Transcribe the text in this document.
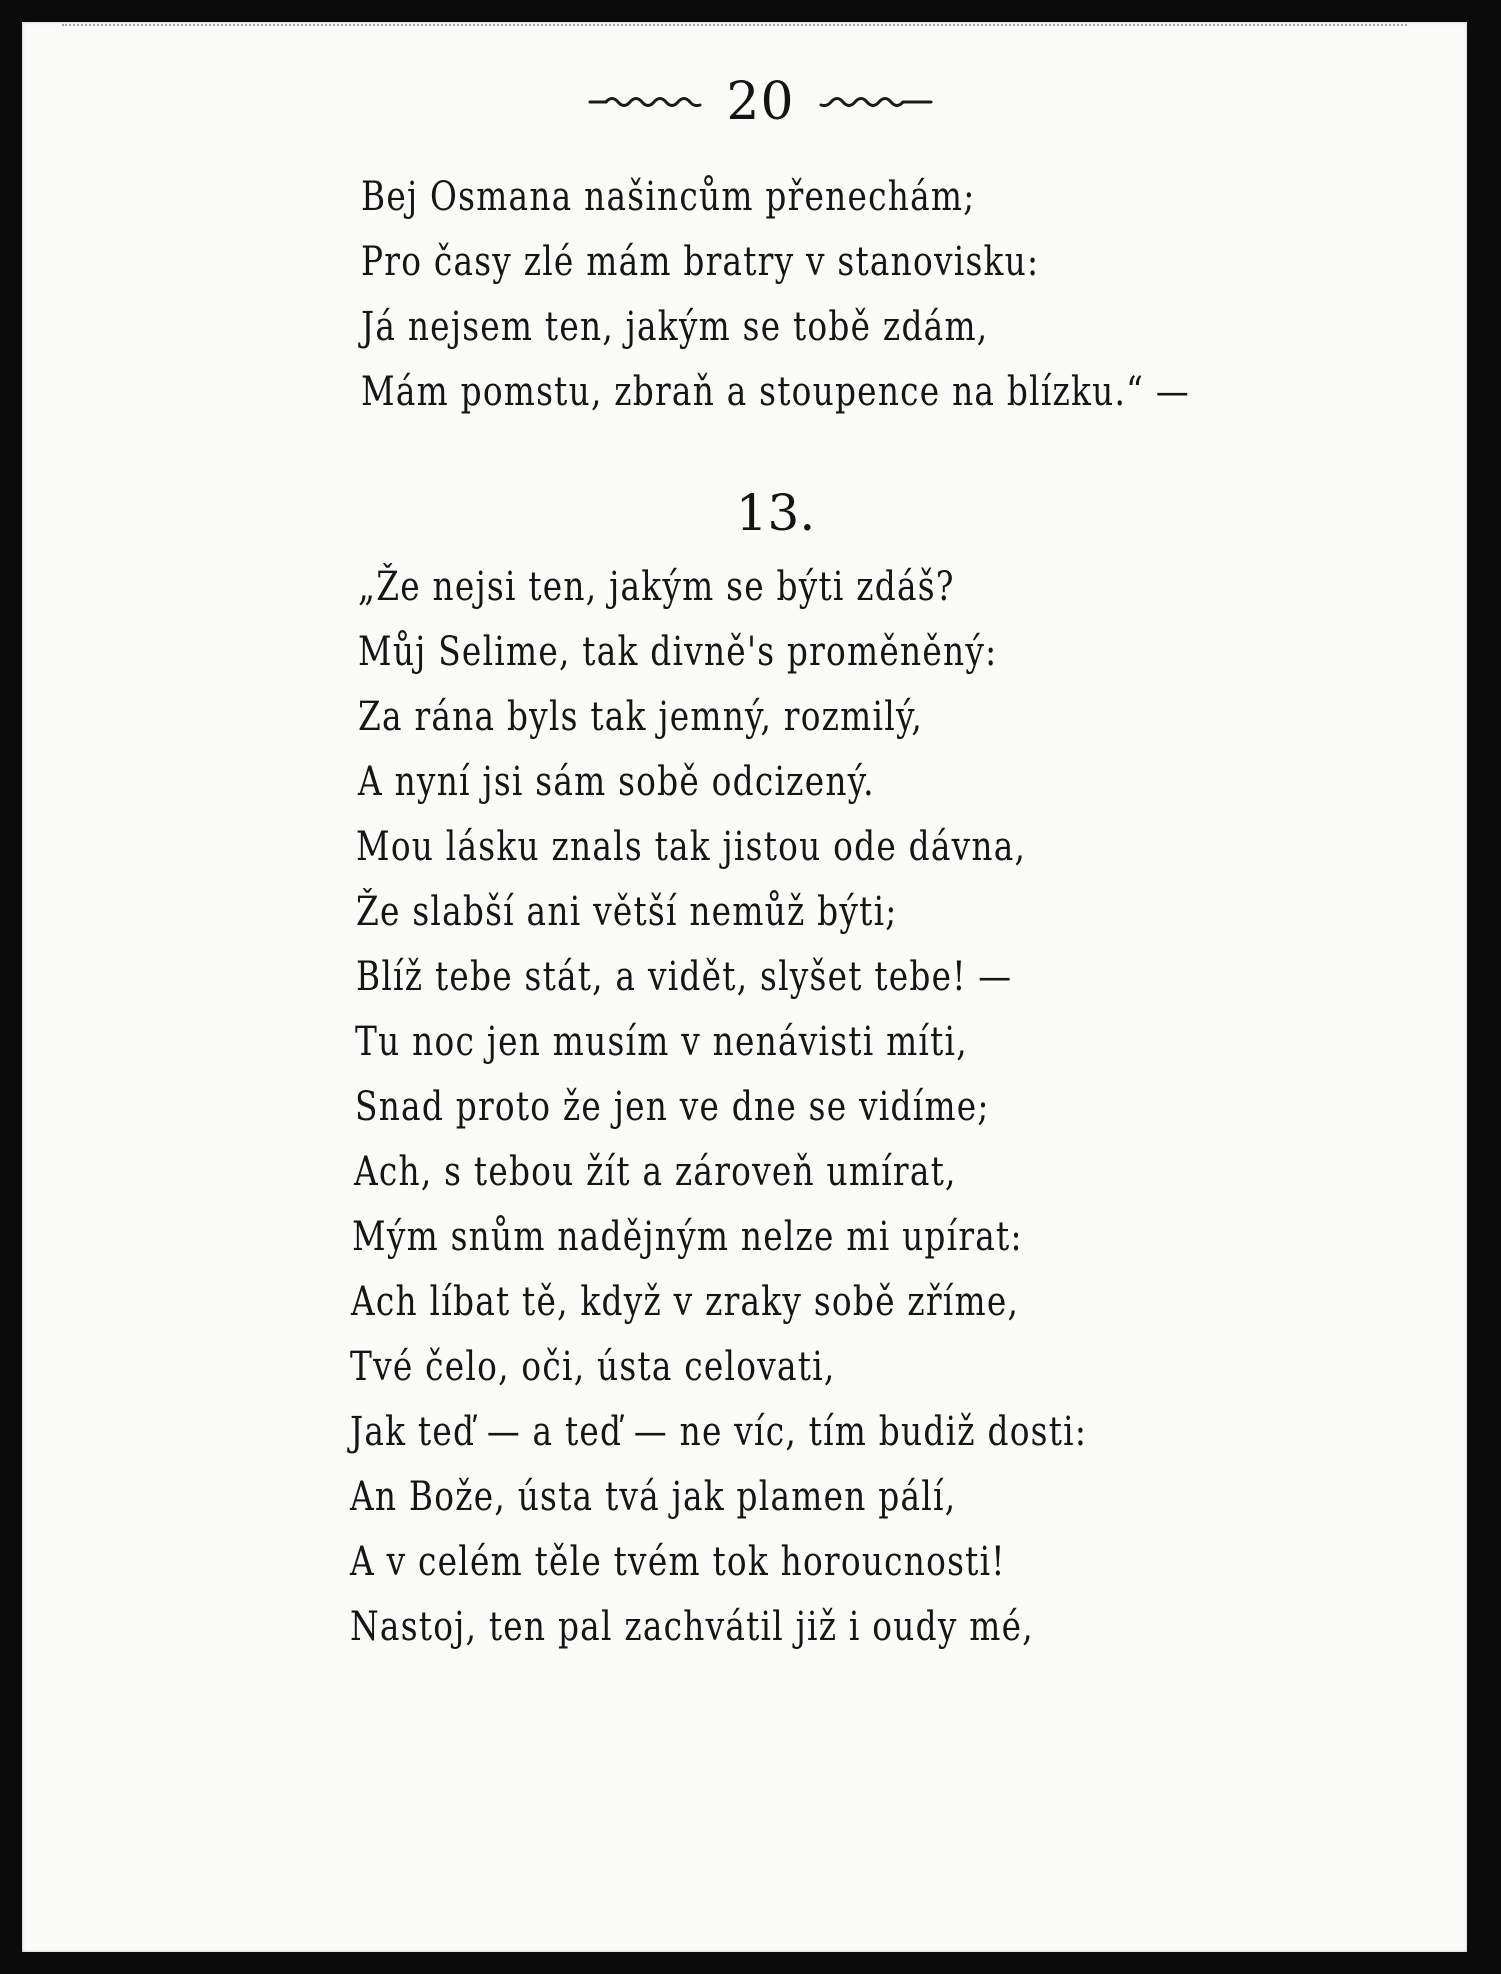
20
Bej Osmana našincům přenechám;
Pro časy zlé mám bratry v stanovisku:
Já nejsem ten, jakým se tobě zdám,
Mám pomstu, zbraň a stoupence na blízku.“ —
13.
„Že nejsi ten, jakým se býti zdáš?
Můj Selime, tak divně's proměněný:
Za rána byls tak jemný, rozmilý,
A nyní jsi sám sobě odcizený.
Mou lásku znals tak jistou ode dávna,
Že slabší ani větší nemůž býti;
Blíž tebe stát, a vidět, slyšet tebe! —
Tu noc jen musím v nenávisti míti,
Snad proto že jen ve dne se vidíme;
Ach, s tebou žít a zároveň umírat,
Mým snům nadějným nelze mi upírat:
Ach líbat tě, když v zraky sobě zříme,
Tvé čelo, oči, ústa celovati,
Jak teď — a teď — ne víc, tím budiž dosti:
An Bože, ústa tvá jak plamen pálí,
A v celém těle tvém tok horoucnosti!
Nastoj, ten pal zachvátil již i oudy mé,
